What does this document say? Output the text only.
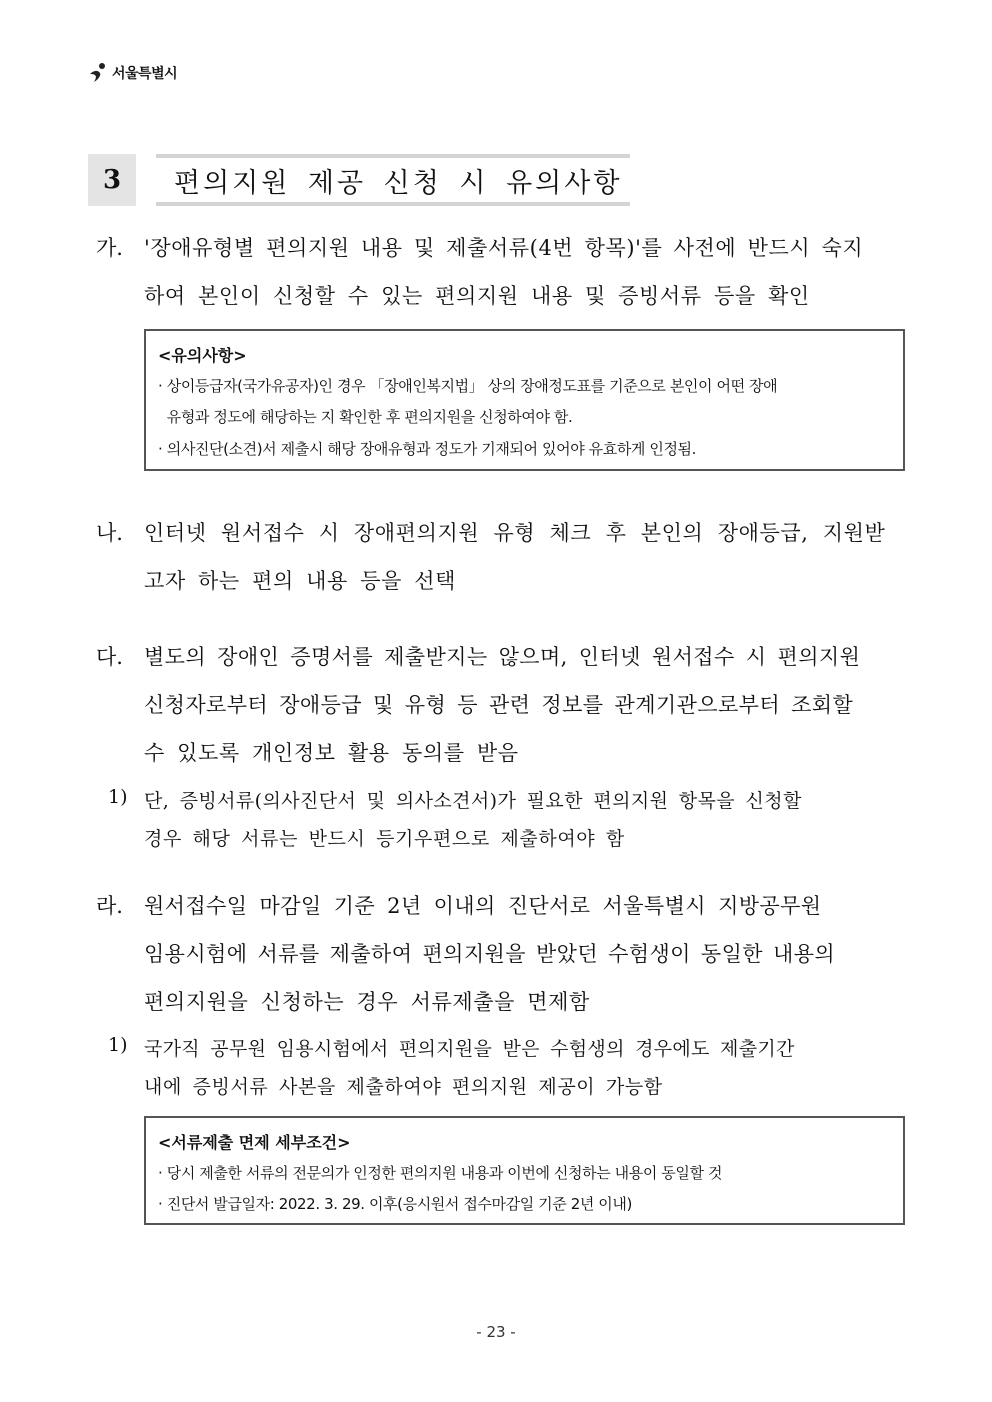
서울특별시
3	편의지원 제공 신청 시 유의사항
가. '장애유형별 편의지원 내용 및 제출서류(4번 항목)'를 사전에 반드시 숙지
하여 본인이 신청할 수 있는 편의지원 내용 및 증빙서류 등을 확인
<유의사항>
· 상이등급자(국가유공자)인 경우 「장애인복지법」 상의 장애정도표를 기준으로 본인이 어떤 장애
유형과 정도에 해당하는 지 확인한 후 편의지원을 신청하여야 함.
· 의사진단(소견)서 제출시 해당 장애유형과 정도가 기재되어 있어야 유효하게 인정됨.
나. 인터넷 원서접수 시 장애편의지원 유형 체크 후 본인의 장애등급, 지원받
고자 하는 편의 내용 등을 선택
다. 별도의 장애인 증명서를 제출받지는 않으며, 인터넷 원서접수 시 편의지원
신청자로부터 장애등급 및 유형 등 관련 정보를 관계기관으로부터 조회할
수 있도록 개인정보 활용 동의를 받음
1) 단, 증빙서류(의사진단서 및 의사소견서)가 필요한 편의지원 항목을 신청할
경우 해당 서류는 반드시 등기우편으로 제출하여야 함
라. 원서접수일 마감일 기준 2년 이내의 진단서로 서울특별시 지방공무원
임용시험에 서류를 제출하여 편의지원을 받았던 수험생이 동일한 내용의
편의지원을 신청하는 경우 서류제출을 면제함
1) 국가직 공무원 임용시험에서 편의지원을 받은 수험생의 경우에도 제출기간
내에 증빙서류 사본을 제출하여야 편의지원 제공이 가능함
<서류제출 면제 세부조건>
· 당시 제출한 서류의 전문의가 인정한 편의지원 내용과 이번에 신청하는 내용이 동일할 것
· 진단서 발급일자: 2022. 3. 29. 이후(응시원서 접수마감일 기준 2년 이내)
- 23 -
